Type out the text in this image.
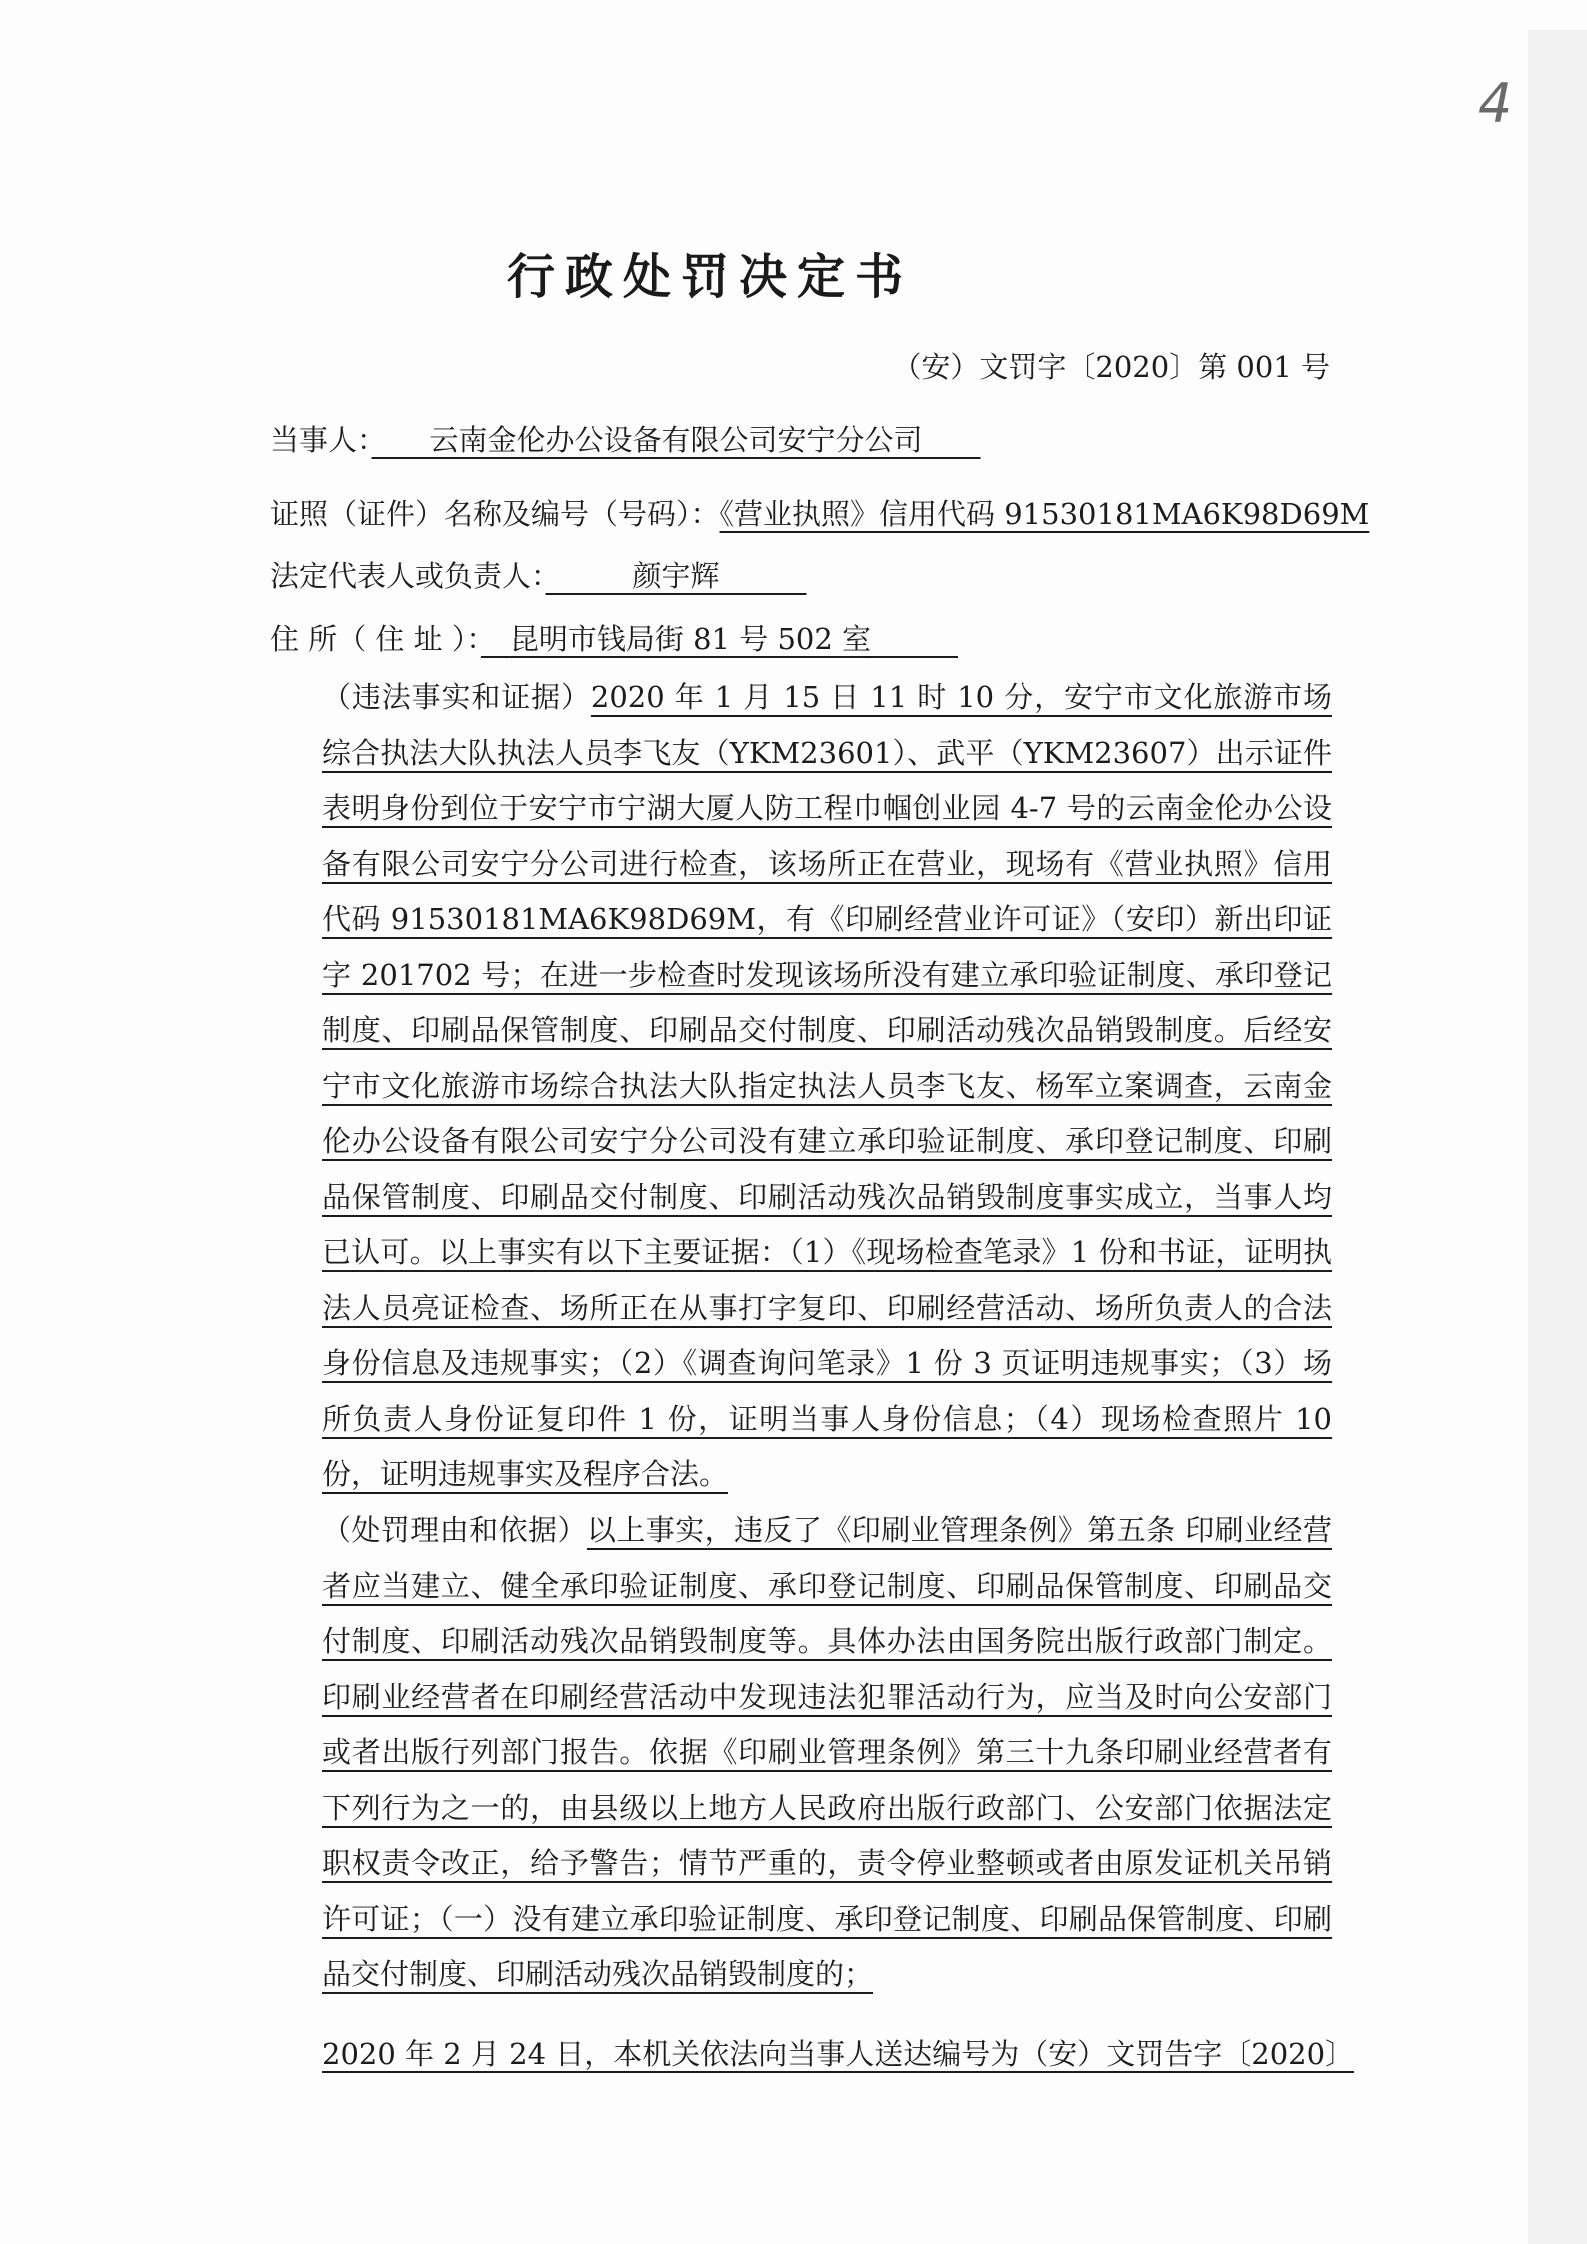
4
行政处罚决定书
（安）文罚字〔2020〕第 001 号
当事人：　　 云南金伦办公设备有限公司安宁分公司　　
证照（证件）名称及编号（号码）：《营业执照》信用代码 91530181MA6K98D69M
法定代表人或负责人：　　　	颜宇辉　　　
住 所（ 住 址 ）：　 昆明市钱局街 81 号 502 室　　　
（违法事实和证据）2020 年 1 月 15 日 11 时 10 分，安宁市文化旅游市场综合执法大队执法人员李飞友（YKM23601）、武平（YKM23607）出示证件表明身份到位于安宁市宁湖大厦人防工程巾帼创业园 4-7 号的云南金伦办公设备有限公司安宁分公司进行检查，该场所正在营业，现场有《营业执照》信用代码 91530181MA6K98D69M，有《印刷经营业许可证》（安印）新出印证字 201702 号；在进一步检查时发现该场所没有建立承印验证制度、承印登记制度、印刷品保管制度、印刷品交付制度、印刷活动残次品销毁制度。后经安宁市文化旅游市场综合执法大队指定执法人员李飞友、杨军立案调查，云南金伦办公设备有限公司安宁分公司没有建立承印验证制度、承印登记制度、印刷品保管制度、印刷品交付制度、印刷活动残次品销毁制度事实成立，当事人均已认可。以上事实有以下主要证据：（1）《现场检查笔录》1 份和书证，证明执法人员亮证检查、场所正在从事打字复印、印刷经营活动、场所负责人的合法身份信息及违规事实；（2）《调查询问笔录》1 份 3 页证明违规事实；（3）场所负责人身份证复印件 1 份，证明当事人身份信息；（4）现场检查照片 10 份，证明违规事实及程序合法。
（处罚理由和依据）以上事实，违反了《印刷业管理条例》第五条 印刷业经营者应当建立、健全承印验证制度、承印登记制度、印刷品保管制度、印刷品交付制度、印刷活动残次品销毁制度等。具体办法由国务院出版行政部门制定。印刷业经营者在印刷经营活动中发现违法犯罪活动行为，应当及时向公安部门或者出版行列部门报告。依据《印刷业管理条例》第三十九条印刷业经营者有下列行为之一的，由县级以上地方人民政府出版行政部门、公安部门依据法定职权责令改正，给予警告；情节严重的，责令停业整顿或者由原发证机关吊销许可证；（一）没有建立承印验证制度、承印登记制度、印刷品保管制度、印刷品交付制度、印刷活动残次品销毁制度的；
2020 年 2 月 24 日，本机关依法向当事人送达编号为（安）文罚告字〔2020〕
